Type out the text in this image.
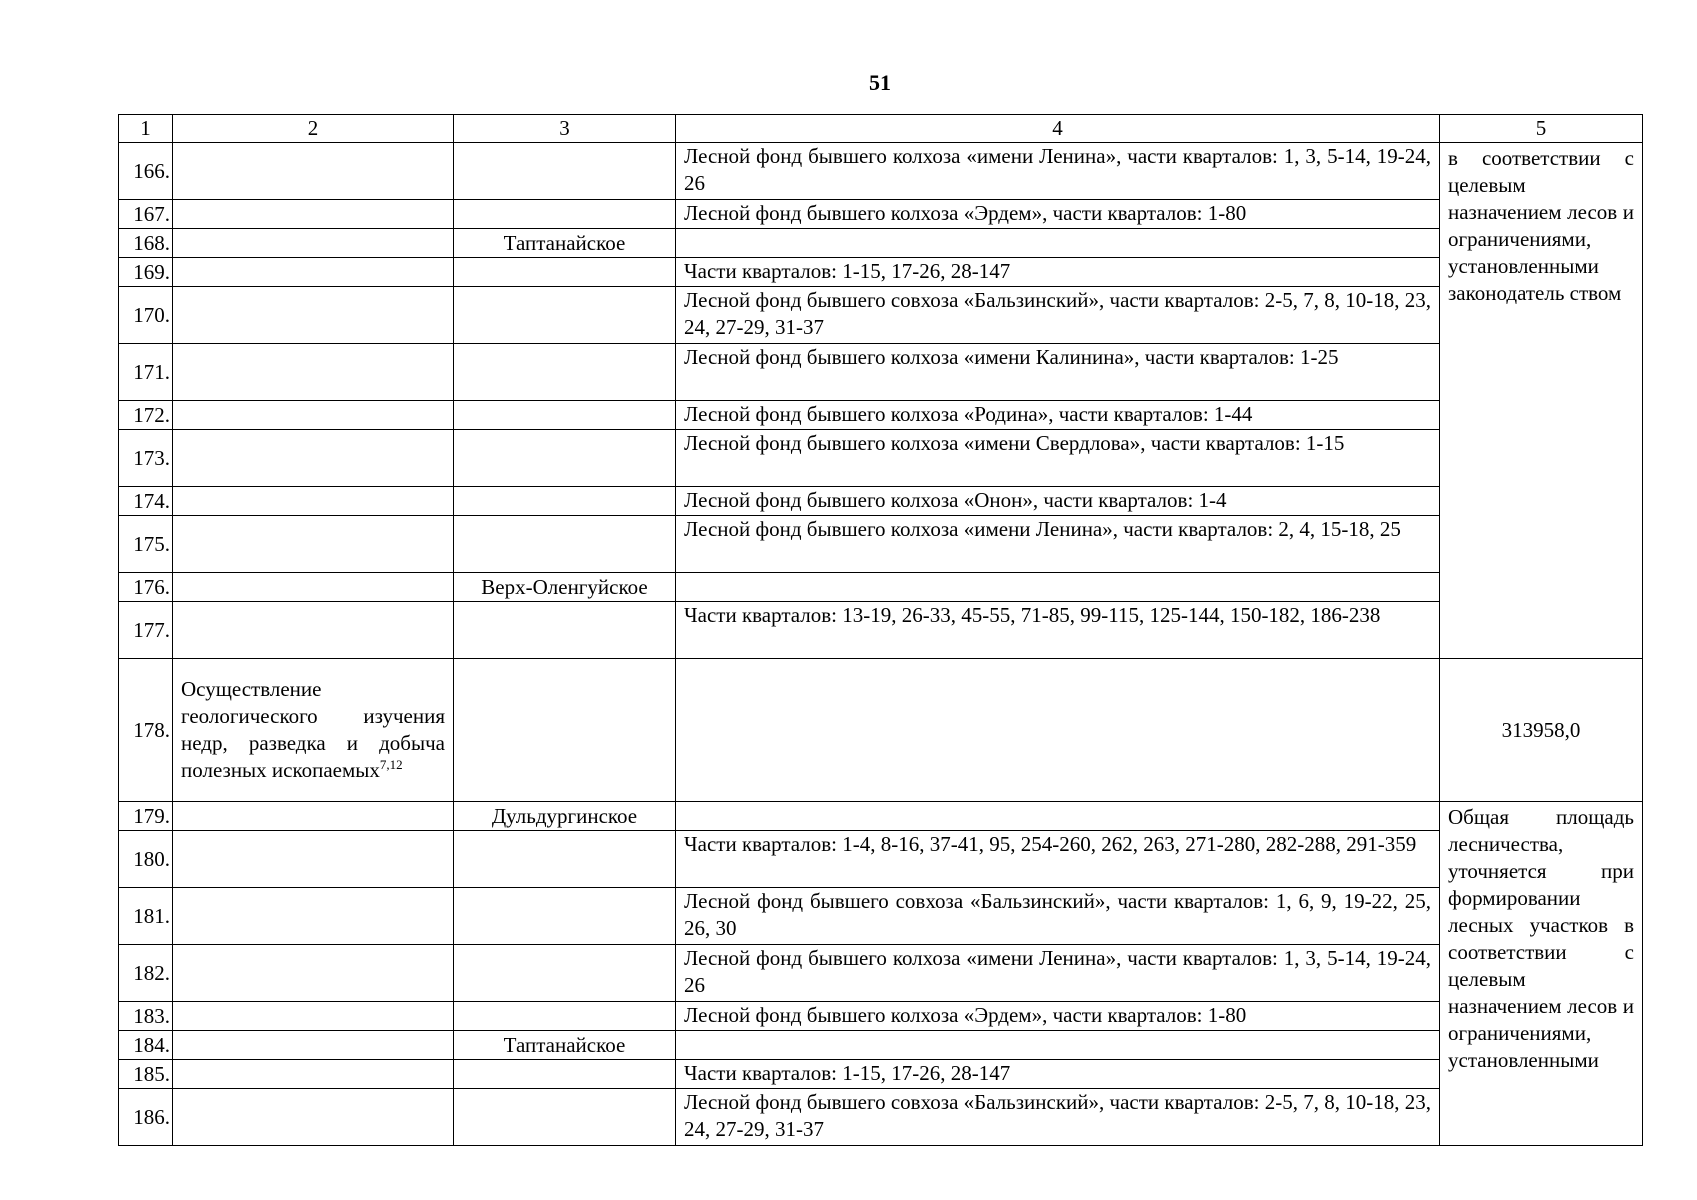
51
1	2	3	4	5
166.			Лесной фонд бывшего колхоза «имени Ленина», части кварталов: 1, 3, 5-14, 19-24, 26	в соответствии с целевым назначением лесов и ограничениями, установленными законодатель ством
167.			Лесной фонд бывшего колхоза «Эрдем», части кварталов: 1-80	
168.		Таптанайское		
169.			Части кварталов: 1-15, 17-26, 28-147	
170.			Лесной фонд бывшего совхоза «Бальзинский», части кварталов: 2-5, 7, 8, 10-18, 23, 24, 27-29, 31-37	
171.			Лесной фонд бывшего колхоза «имени Калинина», части кварталов: 1-25	
172.			Лесной фонд бывшего колхоза «Родина», части кварталов: 1-44	
173.			Лесной фонд бывшего колхоза «имени Свердлова», части кварталов: 1-15	
174.			Лесной фонд бывшего колхоза «Онон», части кварталов: 1-4	
175.			Лесной фонд бывшего колхоза «имени Ленина», части кварталов: 2, 4, 15-18, 25	
176.		Верх-Оленгуйское		
177.			Части кварталов: 13-19, 26-33, 45-55, 71-85, 99-115, 125-144, 150-182, 186-238	
178.	Осуществление геологического изучения недр, разведка и добыча полезных ископаемых$^{7,12}$			313958,0
179.		Дульдургинское		Общая площадь лесничества, уточняется при формировании лесных участков в соответствии с целевым назначением лесов и ограничениями, установленными
180.			Части кварталов: 1-4, 8-16, 37-41, 95, 254-260, 262, 263, 271-280, 282-288, 291-359	
181.			Лесной фонд бывшего совхоза «Бальзинский», части кварталов: 1, 6, 9, 19-22, 25, 26, 30	
182.			Лесной фонд бывшего колхоза «имени Ленина», части кварталов: 1, 3, 5-14, 19-24, 26	
183.			Лесной фонд бывшего колхоза «Эрдем», части кварталов: 1-80	
184.		Таптанайское		
185.			Части кварталов: 1-15, 17-26, 28-147	
186.			Лесной фонд бывшего совхоза «Бальзинский», части кварталов: 2-5, 7, 8, 10-18, 23, 24, 27-29, 31-37	
